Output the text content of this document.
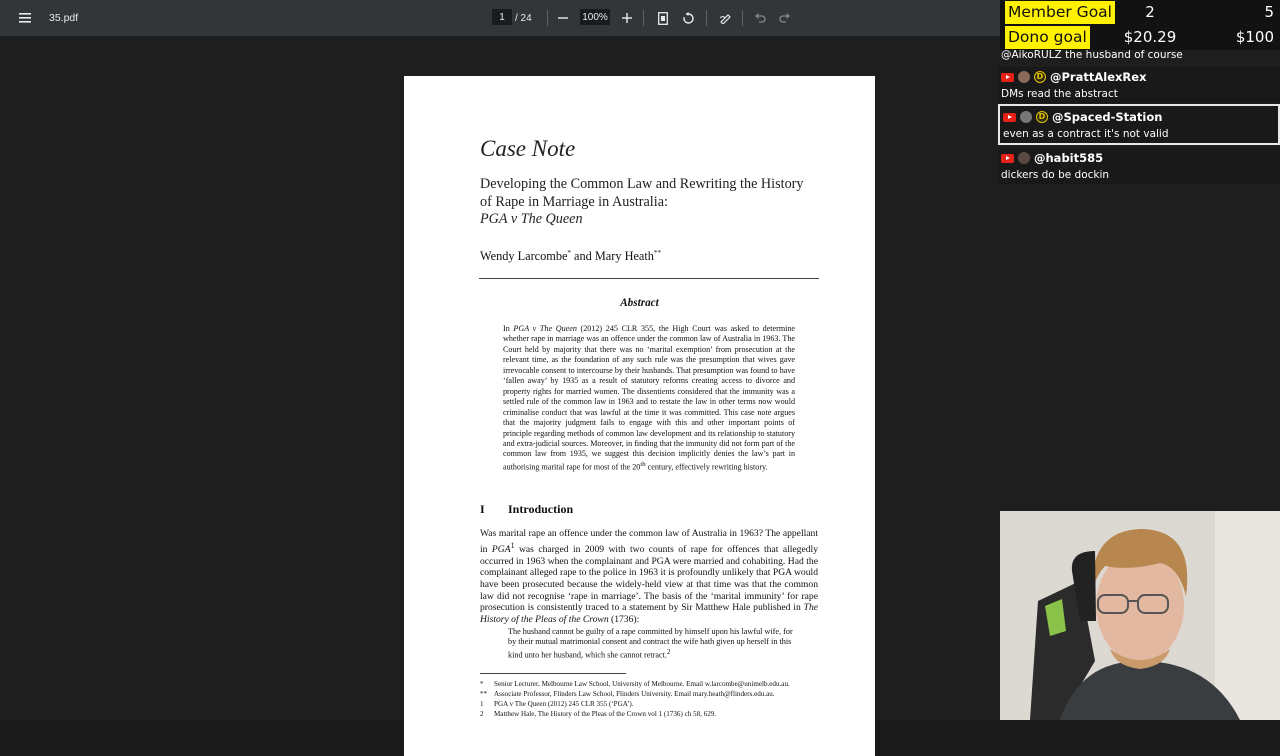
35.pdf	1	/ 24	100%
Case Note
Developing the Common Law and Rewriting the History of Rape in Marriage in Australia:
PGA v The Queen
Wendy Larcombe* and Mary Heath**
Abstract
In PGA v The Queen (2012) 245 CLR 355, the High Court was asked to determine whether rape in marriage was an offence under the common law of Australia in 1963. The Court held by majority that there was no ‘marital exemption’ from prosecution at the relevant time, as the foundation of any such rule was the presumption that wives gave irrevocable consent to intercourse by their husbands. That presumption was found to have ‘fallen away’ by 1935 as a result of statutory reforms creating access to divorce and property rights for married women. The dissentients considered that the immunity was a settled rule of the common law in 1963 and to restate the law in other terms now would criminalise conduct that was lawful at the time it was committed. This case note argues that the majority judgment fails to engage with this and other important points of principle regarding methods of common law development and its relationship to statutory and extra-judicial sources. Moreover, in finding that the immunity did not form part of the common law from 1935, we suggest this decision implicitly denies the law’s part in authorising marital rape for most of the 20th century, effectively rewriting history.
I Introduction
Was marital rape an offence under the common law of Australia in 1963? The appellant in PGA$^1$ was charged in 2009 with two counts of rape for offences that allegedly occurred in 1963 when the complainant and PGA were married and cohabiting. Had the complainant alleged rape to the police in 1963 it is profoundly unlikely that PGA would have been prosecuted because the widely-held view at that time was that the common law did not recognise ‘rape in marriage’. The basis of the ‘marital immunity’ for rape prosecution is consistently traced to a statement by Sir Matthew Hale published in The History of the Pleas of the Crown (1736):
The husband cannot be guilty of a rape committed by himself upon his lawful wife, for by their mutual matrimonial consent and contract the wife hath given up herself in this kind unto her husband, which she cannot retract.$^2$
*	Senior Lecturer, Melbourne Law School, University of Melbourne. Email w.larcombe@unimelb.edu.au.
** Associate Professor, Flinders Law School, Flinders University. Email mary.heath@flinders.edu.au.
1	PGA v The Queen (2012) 245 CLR 355 (‘PGA’).
2	Matthew Hale, The History of the Pleas of the Crown vol 1 (1736) ch 58, 629.
Member Goal	2	5
Dono goal	$20.29	$100
@AikoRULZ the husband of course
D @PrattAlexRex
DMs read the abstract
D @Spaced-Station
even as a contract it's not valid
@habit585
dickers do be dockin
